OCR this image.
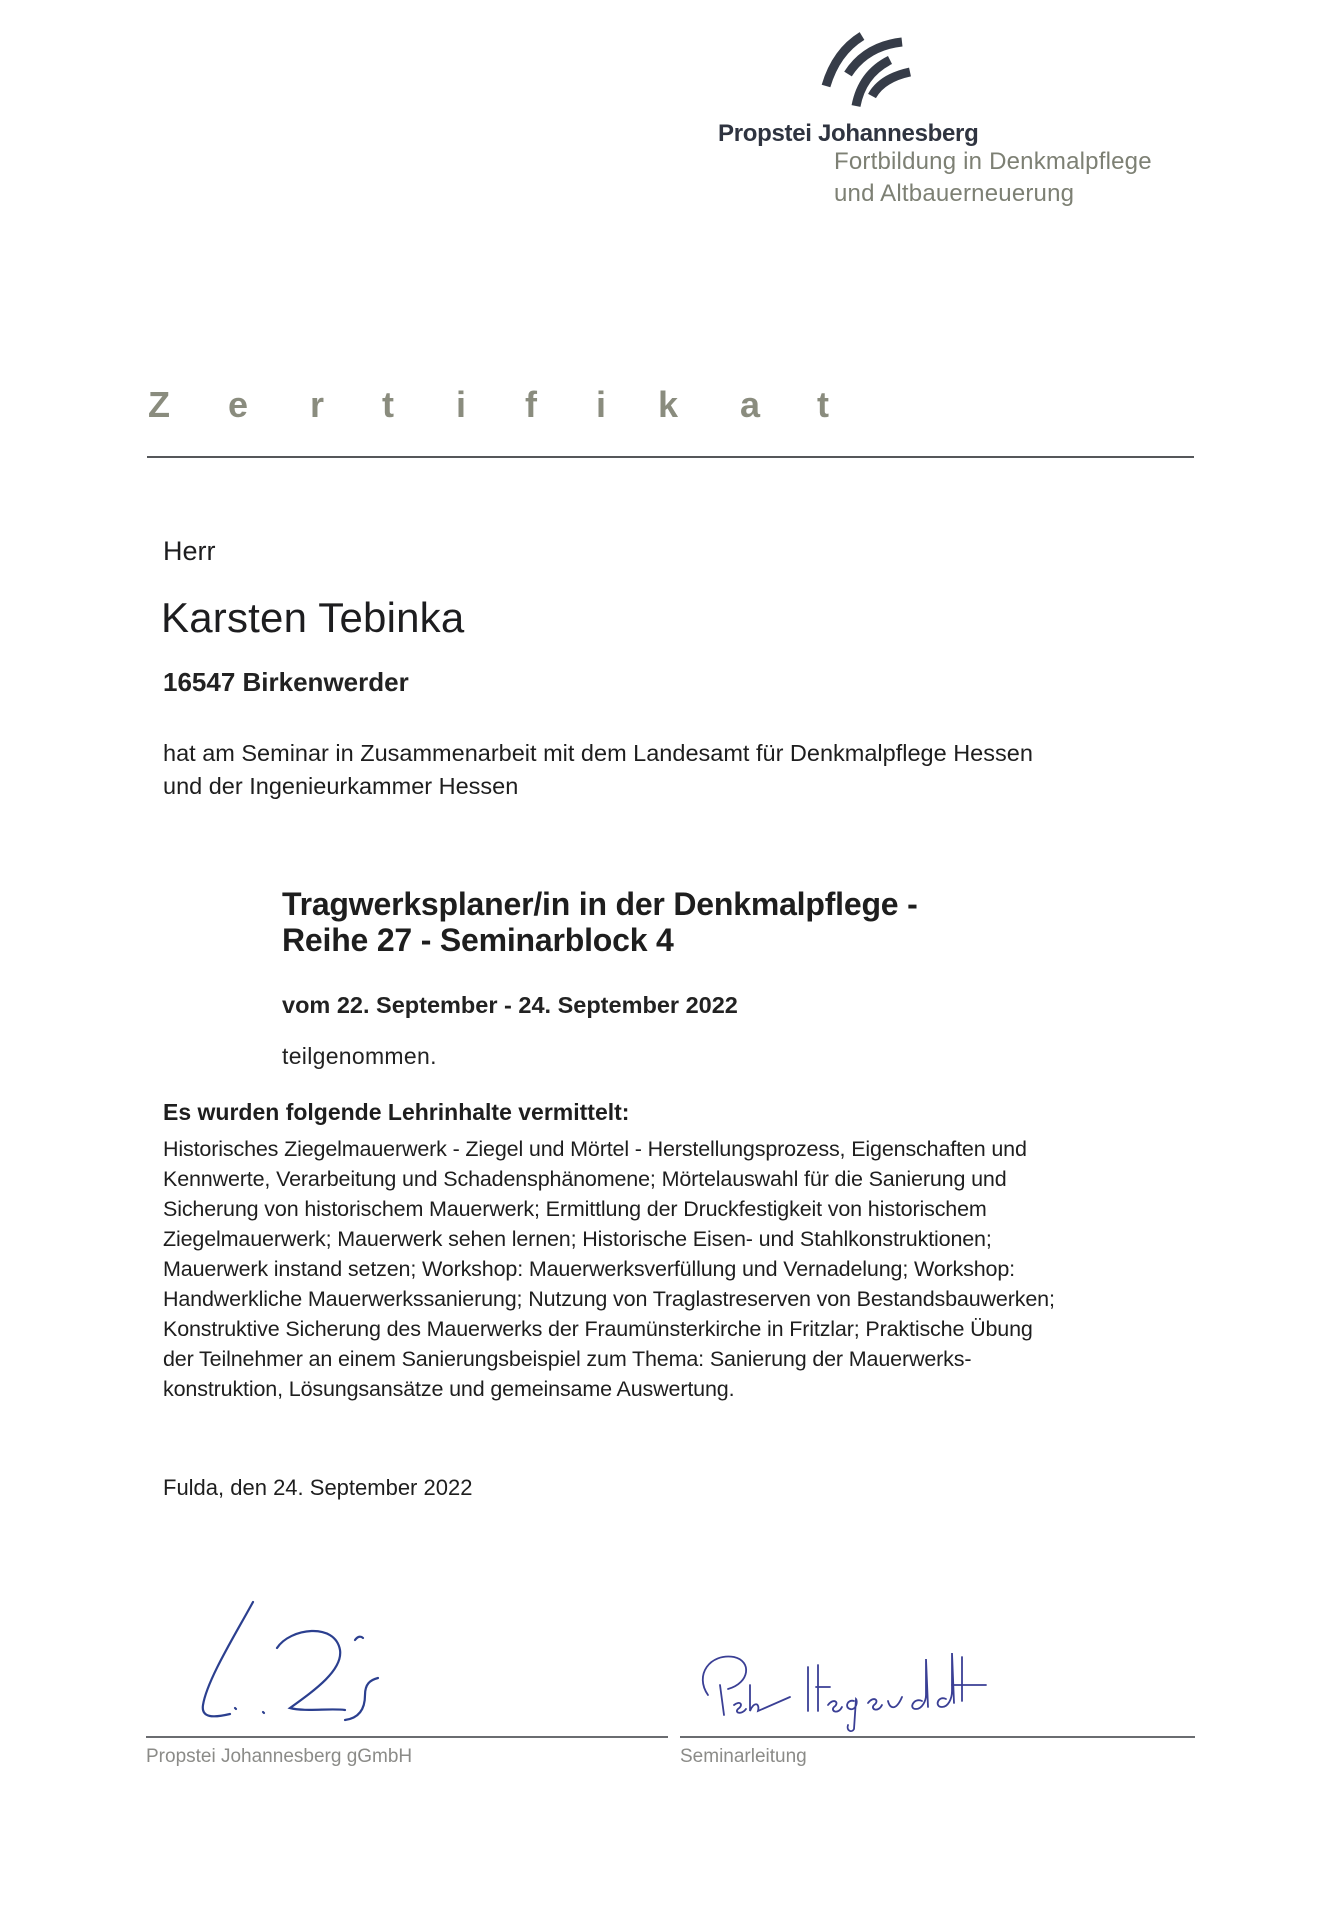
Propstei Johannesberg
Fortbildung in Denkmalpflege
und Altbauerneuerung
Z e r t i f i k a t
Herr
Karsten Tebinka
16547 Birkenwerder
hat am Seminar in Zusammenarbeit mit dem Landesamt für Denkmalpflege Hessen
und der Ingenieurkammer Hessen
Tragwerksplaner/in in der Denkmalpflege -
Reihe 27 - Seminarblock 4
vom 22. September - 24. September 2022
teilgenommen.
Es wurden folgende Lehrinhalte vermittelt:
Historisches Ziegelmauerwerk - Ziegel und Mörtel - Herstellungsprozess, Eigenschaften und
Kennwerte, Verarbeitung und Schadensphänomene; Mörtelauswahl für die Sanierung und
Sicherung von historischem Mauerwerk; Ermittlung der Druckfestigkeit von historischem
Ziegelmauerwerk; Mauerwerk sehen lernen; Historische Eisen- und Stahlkonstruktionen;
Mauerwerk instand setzen; Workshop: Mauerwerksverfüllung und Vernadelung; Workshop:
Handwerkliche Mauerwerkssanierung; Nutzung von Traglastreserven von Bestandsbauwerken;
Konstruktive Sicherung des Mauerwerks der Fraumünsterkirche in Fritzlar; Praktische Übung
der Teilnehmer an einem Sanierungsbeispiel zum Thema: Sanierung der Mauerwerks-
konstruktion, Lösungsansätze und gemeinsame Auswertung.
Fulda, den 24. September 2022
Propstei Johannesberg gGmbH	Seminarleitung
